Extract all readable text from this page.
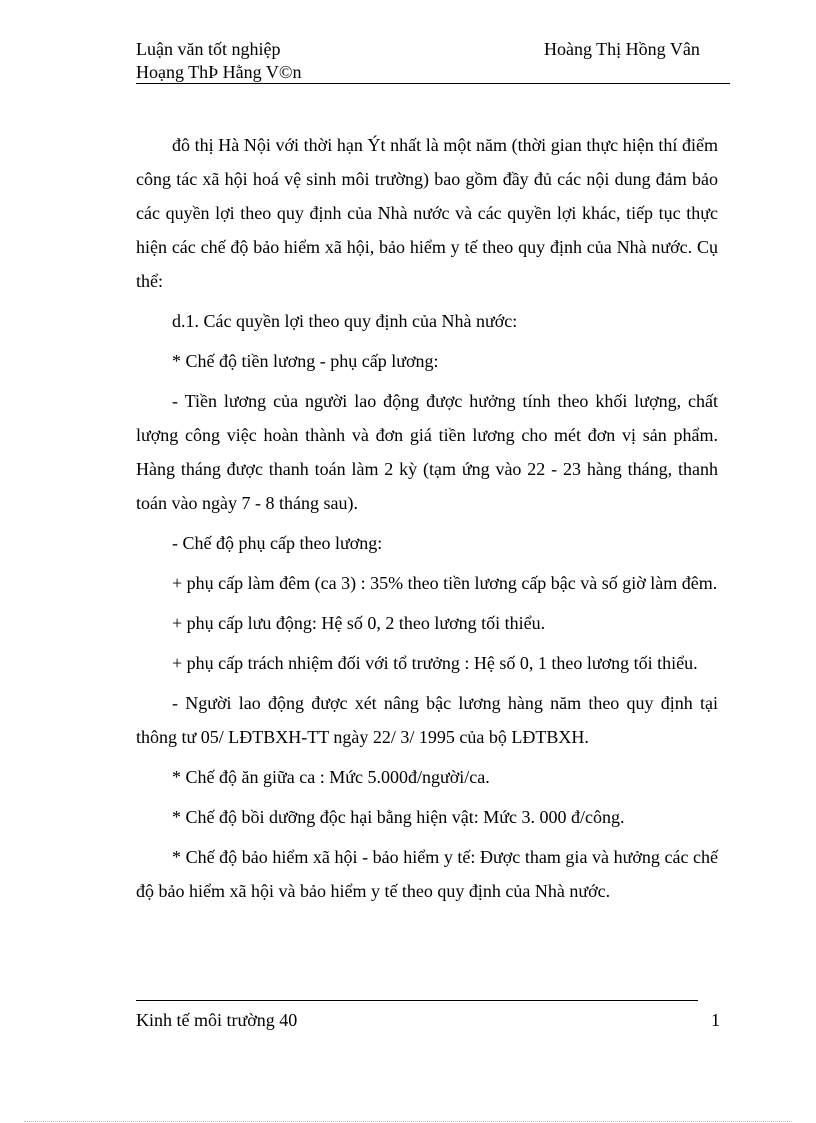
Luận văn tốt nghiệp
Hoạng ThÞ Hằng V©n
Hoàng Thị Hồng Vân

đô thị Hà Nội với thời hạn Ýt nhất là một năm (thời gian thực hiện thí điểm công tác xã hội hoá vệ sinh môi trường) bao gồm đầy đủ các nội dung đảm bảo các quyền lợi theo quy định của Nhà nước và các quyền lợi khác, tiếp tục thực hiện các chế độ bảo hiểm xã hội, bảo hiểm y tế theo quy định của Nhà nước. Cụ thể:

d.1. Các quyền lợi theo quy định của Nhà nước:

* Chế độ tiền lương - phụ cấp lương:

- Tiền lương của người lao động được hưởng tính theo khối lượng, chất lượng công việc hoàn thành và đơn giá tiền lương cho mét đơn vị sản phẩm. Hàng tháng được thanh toán làm 2 kỳ (tạm ứng vào 22 - 23 hàng tháng, thanh toán vào ngày 7 - 8 tháng sau).

- Chế độ phụ cấp theo lương:

+ phụ cấp làm đêm (ca 3) : 35% theo tiền lương cấp bậc và số giờ làm đêm.

+ phụ cấp lưu động: Hệ số 0, 2 theo lương tối thiểu.

+ phụ cấp trách nhiệm đối với tổ trưởng : Hệ số 0, 1 theo lương tối thiểu.

- Người lao động được xét nâng bậc lương hàng năm theo quy định tại thông tư 05/ LĐTBXH-TT ngày 22/ 3/ 1995 của bộ LĐTBXH.

* Chế độ ăn giữa ca : Mức 5.000đ/người/ca.

* Chế độ bồi dưỡng độc hại bằng hiện vật: Mức 3. 000 đ/công.

* Chế độ bảo hiểm xã hội - bảo hiểm y tế: Được tham gia và hưởng các chế độ bảo hiểm xã hội và bảo hiểm y tế theo quy định của Nhà nước.

Kinh tế môi trường 40	1
